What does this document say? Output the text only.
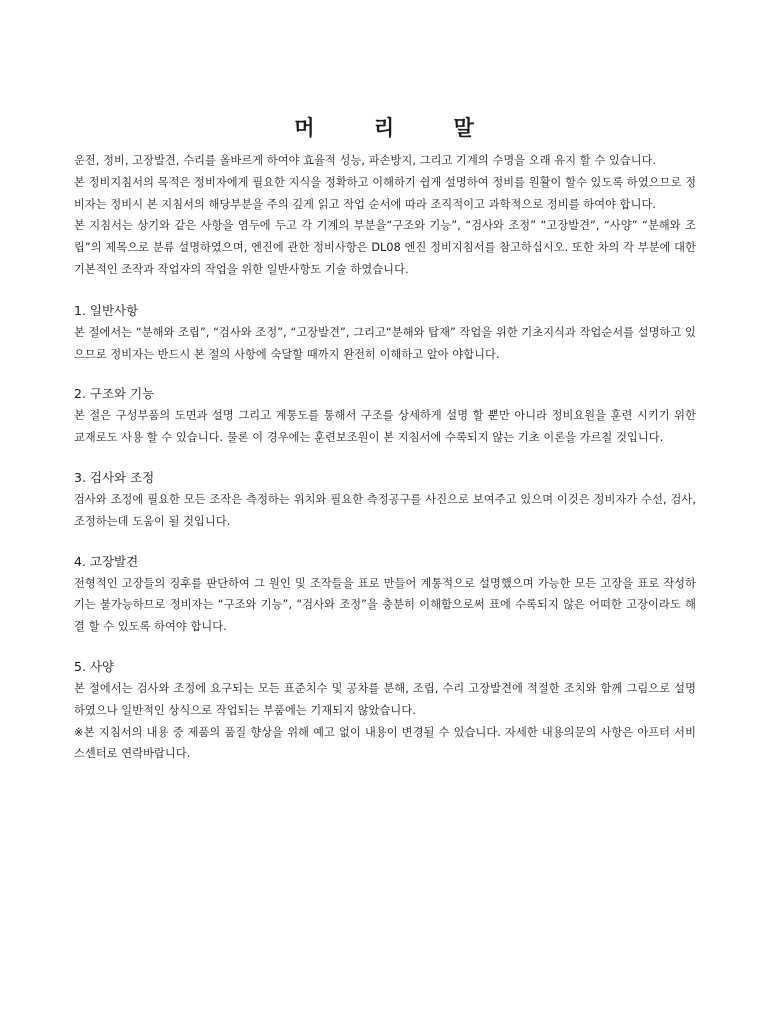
머 리 말

운전, 정비, 고장발견, 수리를 올바르게 하여야 효율적 성능, 파손방지, 그리고 기계의 수명을 오래 유지 할 수 있습니다.

본 정비지침서의 목적은 정비자에게 필요한 지식을 정확하고 이해하기 쉽게 설명하여 정비를 원활이 할수 있도록 하였으므로 정비자는 정비시 본 지침서의 해당부분을 주의 깊게 읽고 작업 순서에 따라 조직적이고 과학적으로 정비를 하여야 합니다.

본 지침서는 상기와 같은 사항을 염두에 두고 각 기계의 부분을“구조와 기능”, “검사와 조정” “고장발견”, “사양” “분해와 조립”의 제목으로 분류 설명하였으며, 엔진에 관한 정비사항은 DL08 엔진 정비지침서를 참고하십시오. 또한 차의 각 부분에 대한 기본적인 조작과 작업자의 작업을 위한 일반사항도 기술 하였습니다.

1. 일반사항

본 절에서는 “분해와 조립”, “검사와 조정”, “고장발견”, 그리고“분해와 탑재” 작업을 위한 기초지식과 작업순서를 설명하고 있으므로 정비자는 반드시 본 절의 사항에 숙달할 때까지 완전히 이해하고 알아 야합니다.

2. 구조와 기능

본 절은 구성부품의 도면과 설명 그리고 계통도를 통해서 구조를 상세하게 설명 할 뿐만 아니라 정비요원을 훈련 시키기 위한 교재로도 사용 할 수 있습니다. 물론 이 경우에는 훈련보조원이 본 지침서에 수록되지 않는 기초 이론을 가르칠 것입니다.

3. 검사와 조정

검사와 조정에 필요한 모든 조작은 측정하는 위치와 필요한 측정공구를 사진으로 보여주고 있으며 이것은 정비자가 수선, 검사, 조정하는데 도움이 될 것입니다.

4. 고장발견

전형적인 고장들의 징후를 판단하여 그 원인 및 조작들을 표로 만들어 계통적으로 설명했으며 가능한 모든 고장을 표로 작성하기는 불가능하므로 정비자는 “구조와 기능”, “검사와 조정”을 충분히 이해함으로써 표에 수록되지 않은 어떠한 고장이라도 해결 할 수 있도록 하여야 합니다.

5. 사양

본 절에서는 검사와 조정에 요구되는 모든 표준치수 및 공차를 분해, 조립, 수리 고장발견에 적절한 조치와 함께 그림으로 설명하였으나 일반적인 상식으로 작업되는 부품에는 기재되지 않았습니다.

※본 지침서의 내용 중 제품의 품질 향상을 위해 예고 없이 내용이 변경될 수 있습니다. 자세한 내용의문의 사항은 아프터 서비스센터로 연락바랍니다.
